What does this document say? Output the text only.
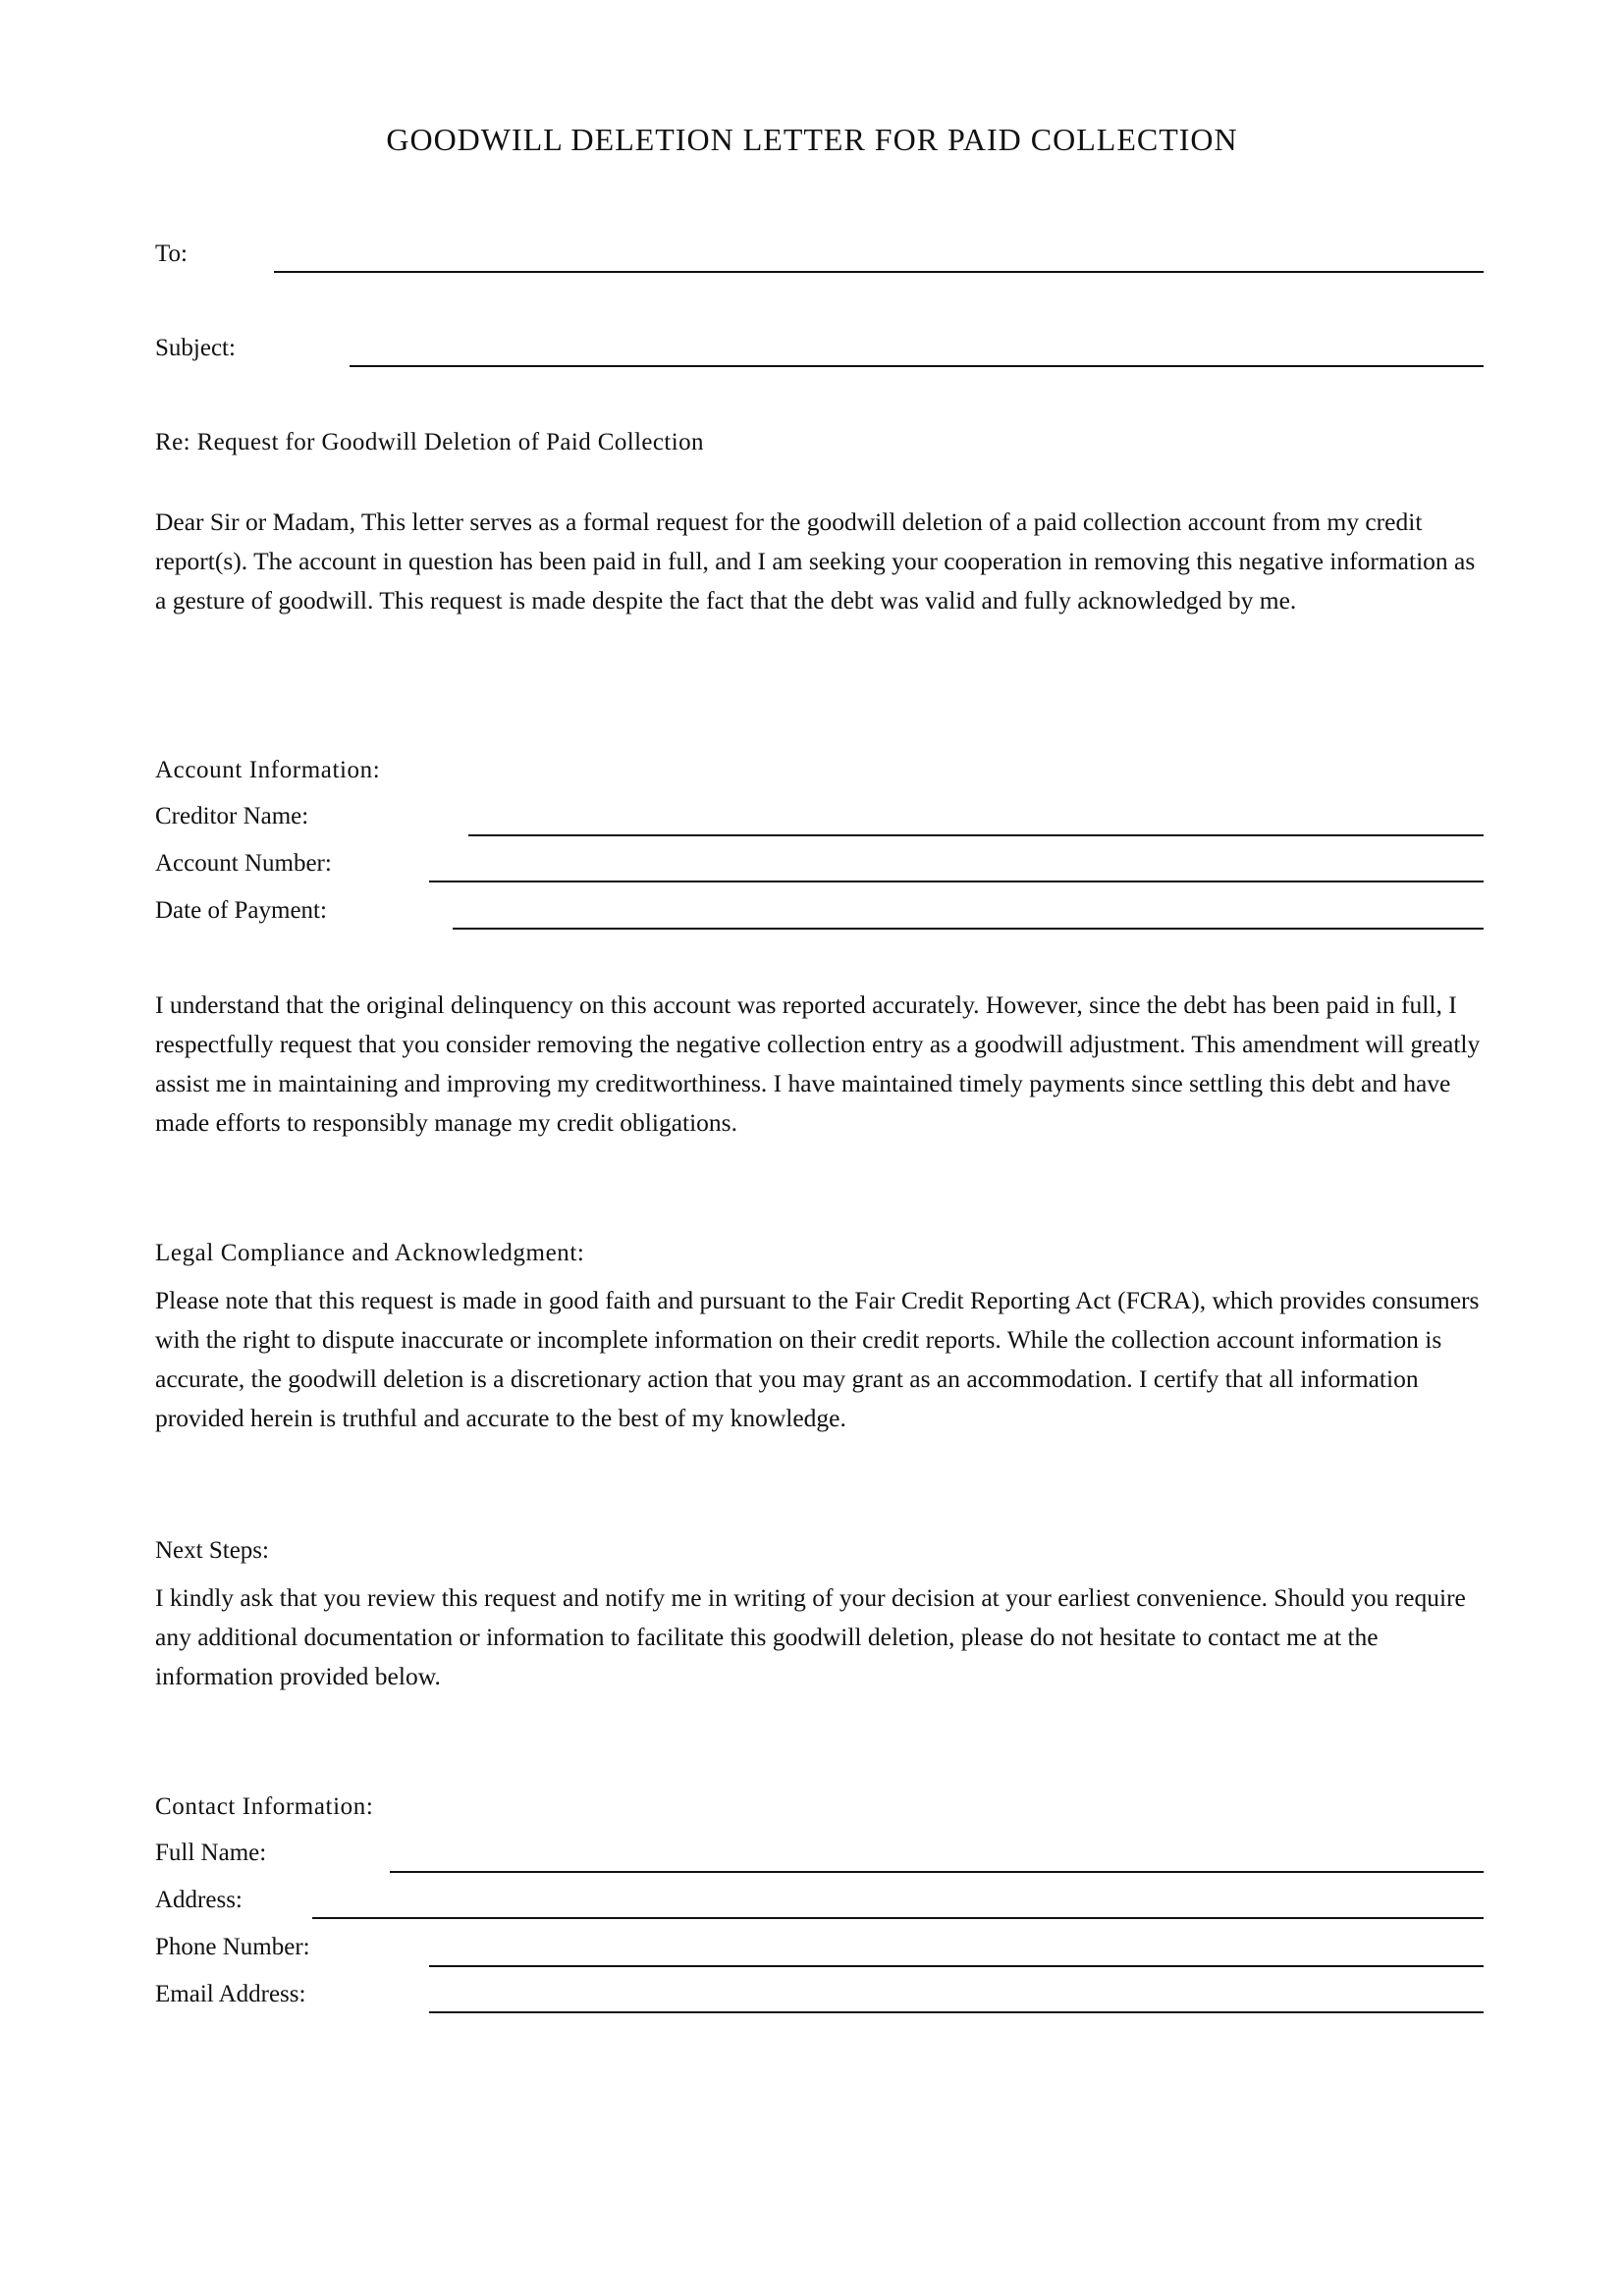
GOODWILL DELETION LETTER FOR PAID COLLECTION
To:
Subject:
Re: Request for Goodwill Deletion of Paid Collection
Dear Sir or Madam, This letter serves as a formal request for the goodwill deletion of a paid collection account from my credit report(s). The account in question has been paid in full, and I am seeking your cooperation in removing this negative information as a gesture of goodwill. This request is made despite the fact that the debt was valid and fully acknowledged by me.
Account Information:
Creditor Name:
Account Number:
Date of Payment:
I understand that the original delinquency on this account was reported accurately. However, since the debt has been paid in full, I respectfully request that you consider removing the negative collection entry as a goodwill adjustment. This amendment will greatly assist me in maintaining and improving my creditworthiness. I have maintained timely payments since settling this debt and have made efforts to responsibly manage my credit obligations.
Legal Compliance and Acknowledgment:
Please note that this request is made in good faith and pursuant to the Fair Credit Reporting Act (FCRA), which provides consumers with the right to dispute inaccurate or incomplete information on their credit reports. While the collection account information is accurate, the goodwill deletion is a discretionary action that you may grant as an accommodation. I certify that all information provided herein is truthful and accurate to the best of my knowledge.
Next Steps:
I kindly ask that you review this request and notify me in writing of your decision at your earliest convenience. Should you require any additional documentation or information to facilitate this goodwill deletion, please do not hesitate to contact me at the information provided below.
Contact Information:
Full Name:
Address:
Phone Number:
Email Address:
